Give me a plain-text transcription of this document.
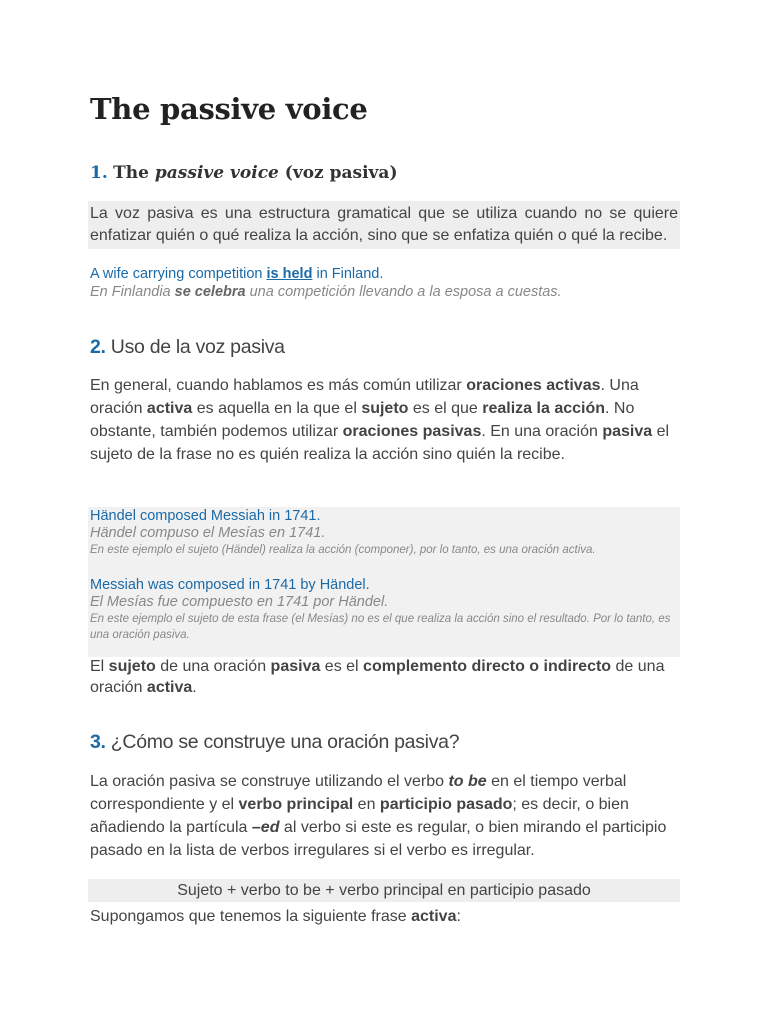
The passive voice
1. The passive voice (voz pasiva)
La voz pasiva es una estructura gramatical que se utiliza cuando no se quiere enfatizar quién o qué realiza la acción, sino que se enfatiza quién o qué la recibe.
A wife carrying competition is held in Finland.
En Finlandia se celebra una competición llevando a la esposa a cuestas.
2. Uso de la voz pasiva
En general, cuando hablamos es más común utilizar oraciones activas. Una oración activa es aquella en la que el sujeto es el que realiza la acción. No obstante, también podemos utilizar oraciones pasivas. En una oración pasiva el sujeto de la frase no es quién realiza la acción sino quién la recibe.
Händel composed Messiah in 1741.
Händel compuso el Mesías en 1741.
En este ejemplo el sujeto (Händel) realiza la acción (componer), por lo tanto, es una oración activa.
Messiah was composed in 1741 by Händel.
El Mesías fue compuesto en 1741 por Händel.
En este ejemplo el sujeto de esta frase (el Mesías) no es el que realiza la acción sino el resultado. Por lo tanto, es una oración pasiva.
El sujeto de una oración pasiva es el complemento directo o indirecto de una oración activa.
3. ¿Cómo se construye una oración pasiva?
La oración pasiva se construye utilizando el verbo to be en el tiempo verbal correspondiente y el verbo principal en participio pasado; es decir, o bien añadiendo la partícula –ed al verbo si este es regular, o bien mirando el participio pasado en la lista de verbos irregulares si el verbo es irregular.
Sujeto + verbo to be + verbo principal en participio pasado
Supongamos que tenemos la siguiente frase activa:
